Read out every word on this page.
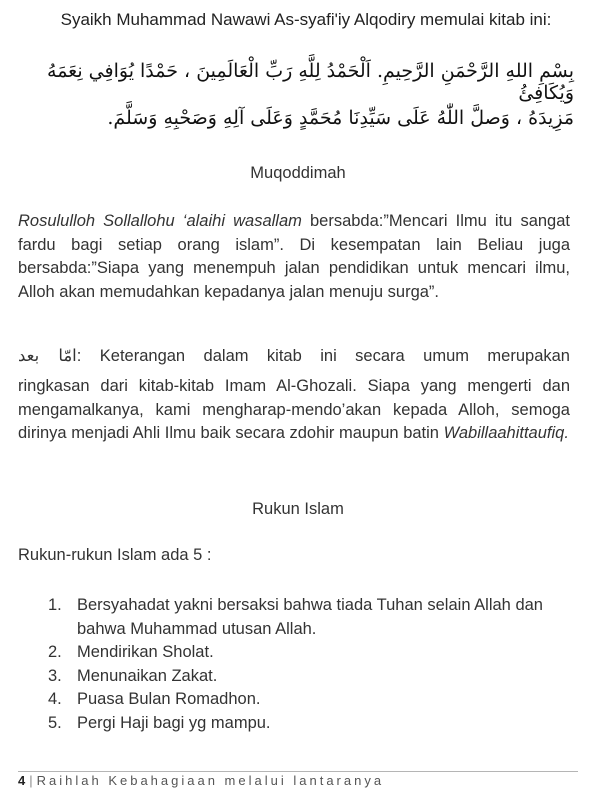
Syaikh Muhammad Nawawi As-syafi'iy Alqodiry memulai kitab ini:
بِسْمِ اللهِ الرَّحْمَنِ الرَّحِيمِ. اَلْحَمْدُ لِلَّهِ رَبِّ الْعَالَمِينَ ، حَمْدًا يُوَافِي نِعَمَهُ وَيُكَافِئُ
مَزِيدَهُ ، وَصلَّ اللّٰهُ عَلَى سَيِّدِنَا مُحَمَّدٍ وَعَلَى آلِهِ وَصَحْبِهِ وَسَلَّمَ.
Muqoddimah
Rosululloh Sollallohu ‘alaihi wasallam bersabda:”Mencari Ilmu itu sangat fardu bagi setiap orang islam”. Di kesempatan lain Beliau juga bersabda:”Siapa yang menempuh jalan pendidikan untuk mencari ilmu, Alloh akan memudahkan kepadanya jalan menuju surga”.
امّا بعد: Keterangan dalam kitab ini secara umum merupakan
ringkasan dari kitab-kitab Imam Al-Ghozali. Siapa yang mengerti dan mengamalkanya, kami mengharap-mendo’akan kepada Alloh, semoga dirinya menjadi Ahli Ilmu baik secara zdohir maupun batin Wabillaahittaufiq.
Rukun Islam
Rukun-rukun Islam ada 5 :
1. Bersyahadat yakni bersaksi bahwa tiada Tuhan selain Allah dan bahwa Muhammad utusan Allah.
2. Mendirikan Sholat.
3. Menunaikan Zakat.
4. Puasa Bulan Romadhon.
5. Pergi Haji bagi yg mampu.
4 | Raihlah Kebahagiaan melalui lantaranya
